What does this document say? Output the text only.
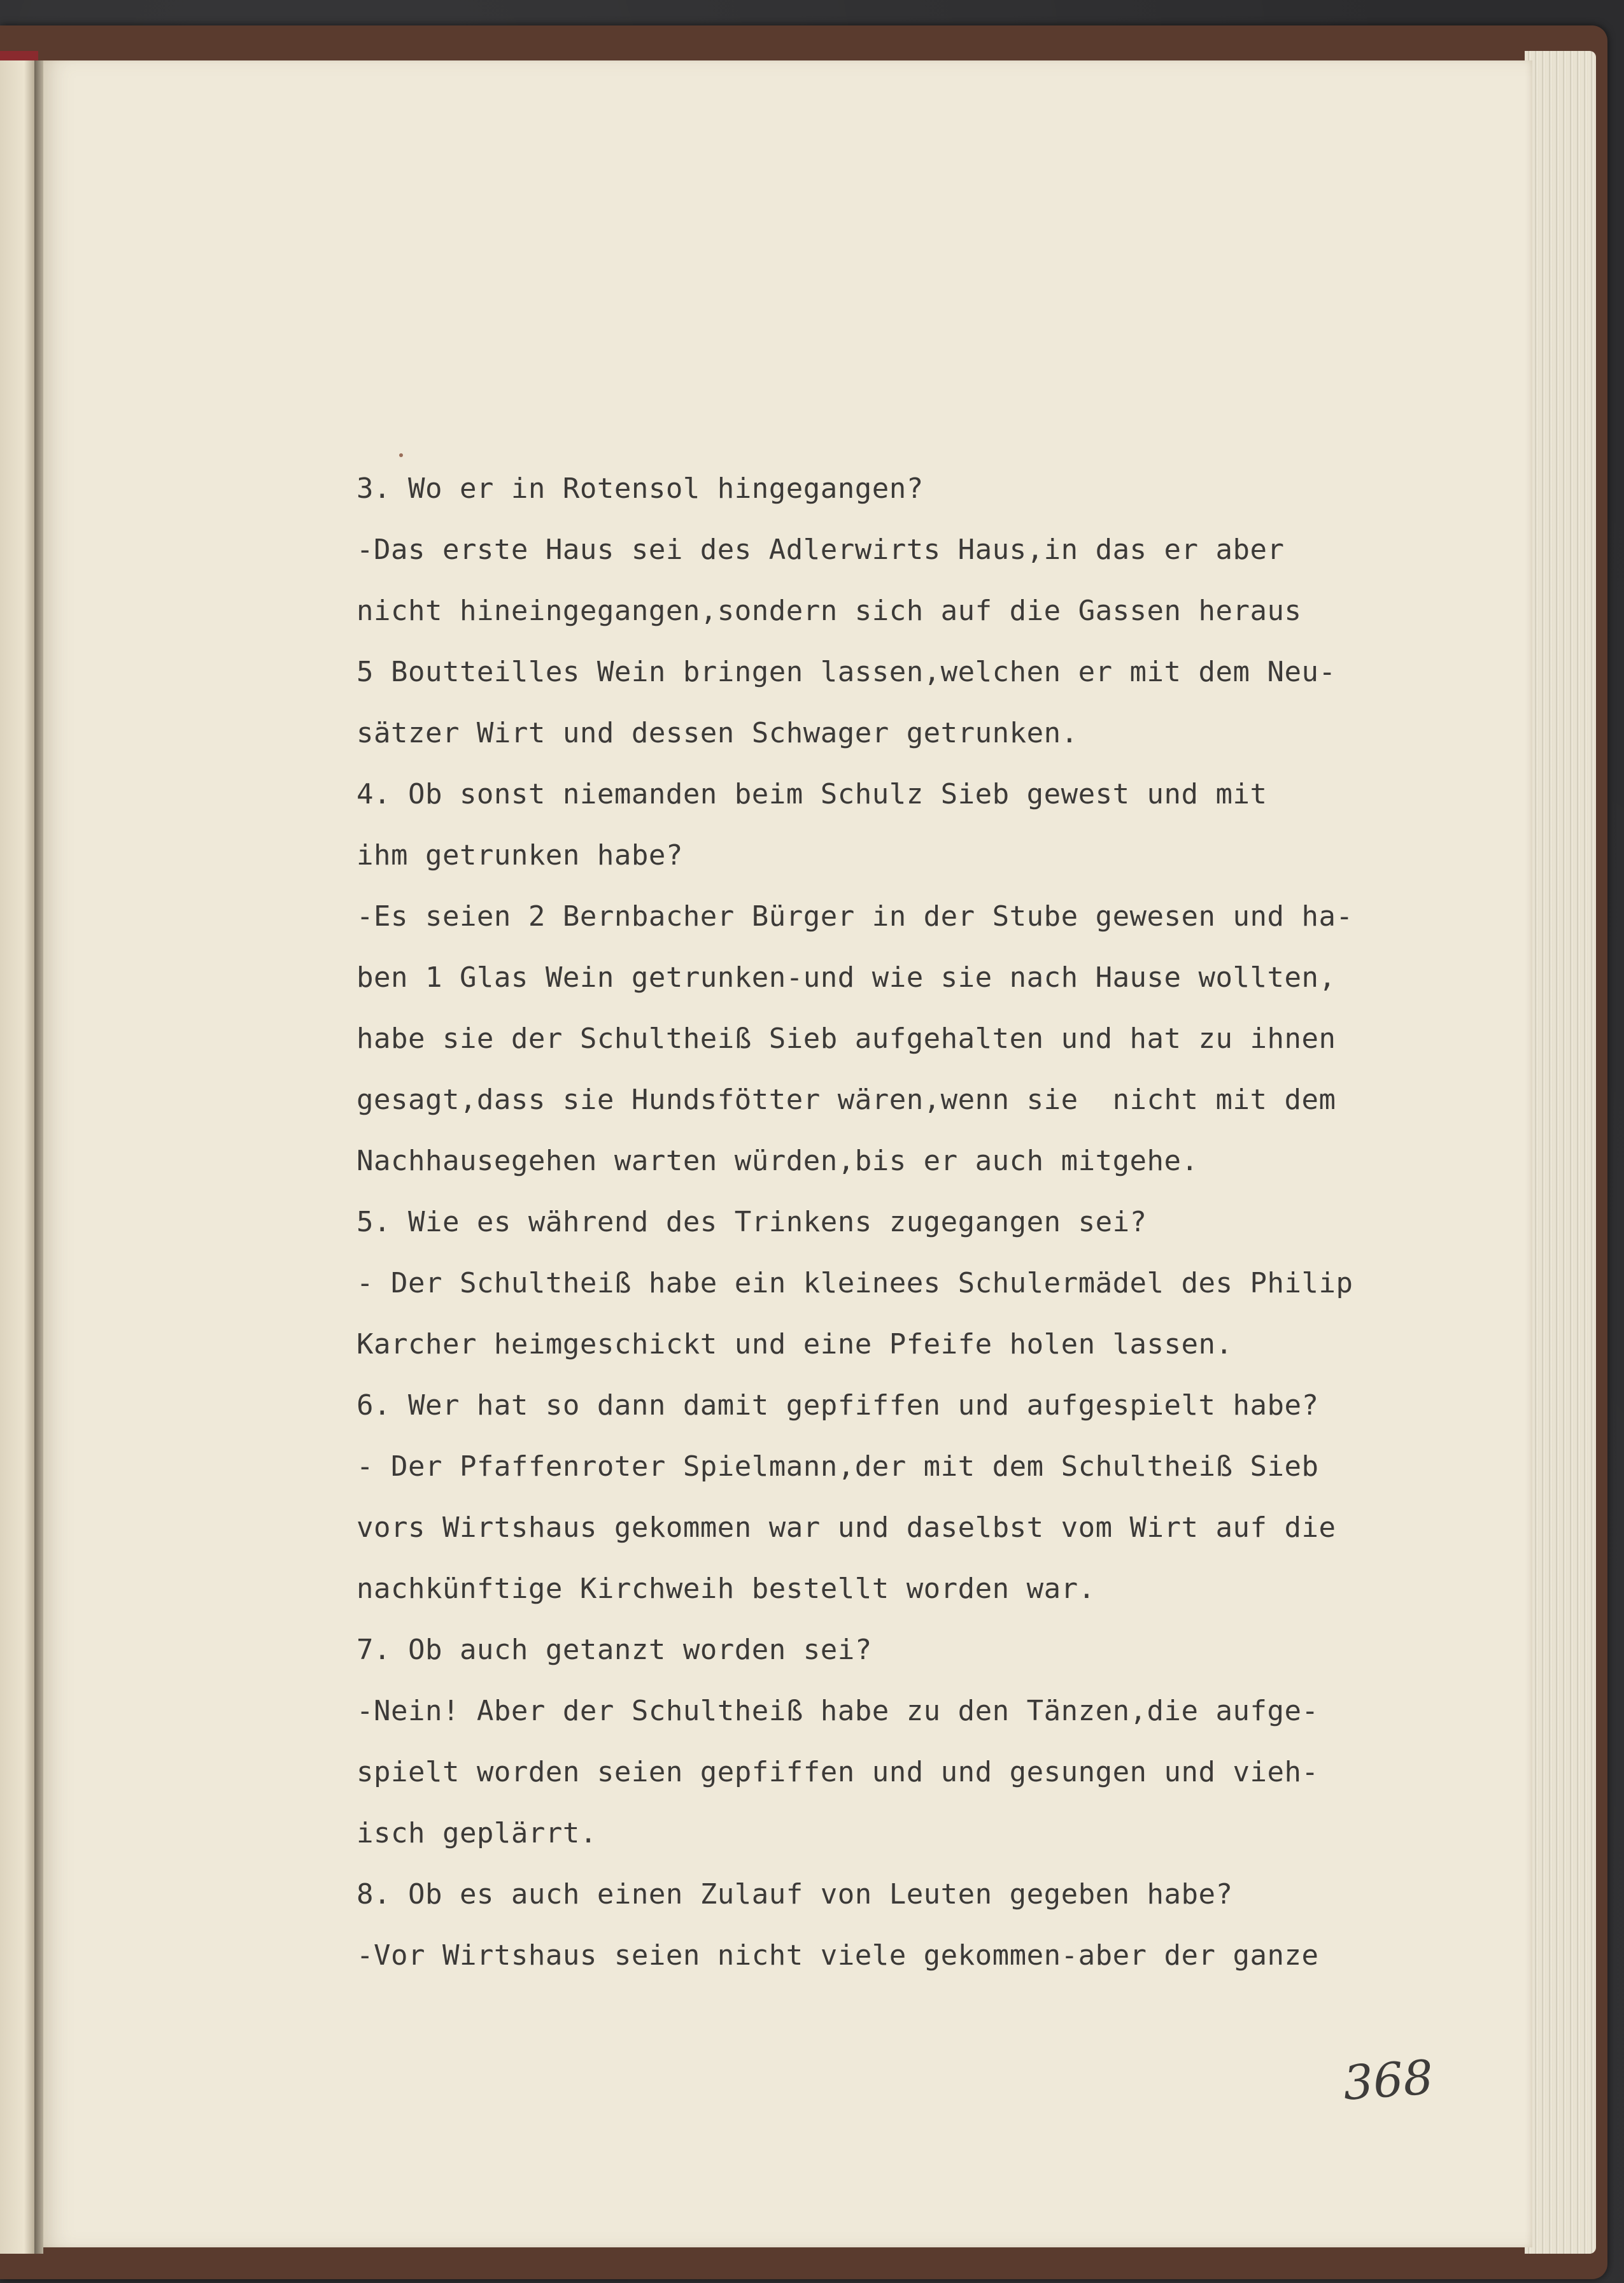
3. Wo er in Rotensol hingegangen?
-Das erste Haus sei des Adlerwirts Haus,in das er aber
nicht hineingegangen,sondern sich auf die Gassen heraus
5 Boutteilles Wein bringen lassen,welchen er mit dem Neu-
sätzer Wirt und dessen Schwager getrunken.
4. Ob sonst niemanden beim Schulz Sieb gewest und mit
ihm getrunken habe?
-Es seien 2 Bernbacher Bürger in der Stube gewesen und ha-
ben 1 Glas Wein getrunken-und wie sie nach Hause wollten,
habe sie der Schultheiß Sieb aufgehalten und hat zu ihnen
gesagt,dass sie Hundsfötter wären,wenn sie  nicht mit dem
Nachhausegehen warten würden,bis er auch mitgehe.
5. Wie es während des Trinkens zugegangen sei?
- Der Schultheiß habe ein kleinees Schulermädel des Philip
Karcher heimgeschickt und eine Pfeife holen lassen.
6. Wer hat so dann damit gepfiffen und aufgespielt habe?
- Der Pfaffenroter Spielmann,der mit dem Schultheiß Sieb
vors Wirtshaus gekommen war und daselbst vom Wirt auf die
nachkünftige Kirchweih bestellt worden war.
7. Ob auch getanzt worden sei?
-Nein! Aber der Schultheiß habe zu den Tänzen,die aufge-
spielt worden seien gepfiffen und und gesungen und vieh-
isch geplärrt.
8. Ob es auch einen Zulauf von Leuten gegeben habe?
-Vor Wirtshaus seien nicht viele gekommen-aber der ganze
368
